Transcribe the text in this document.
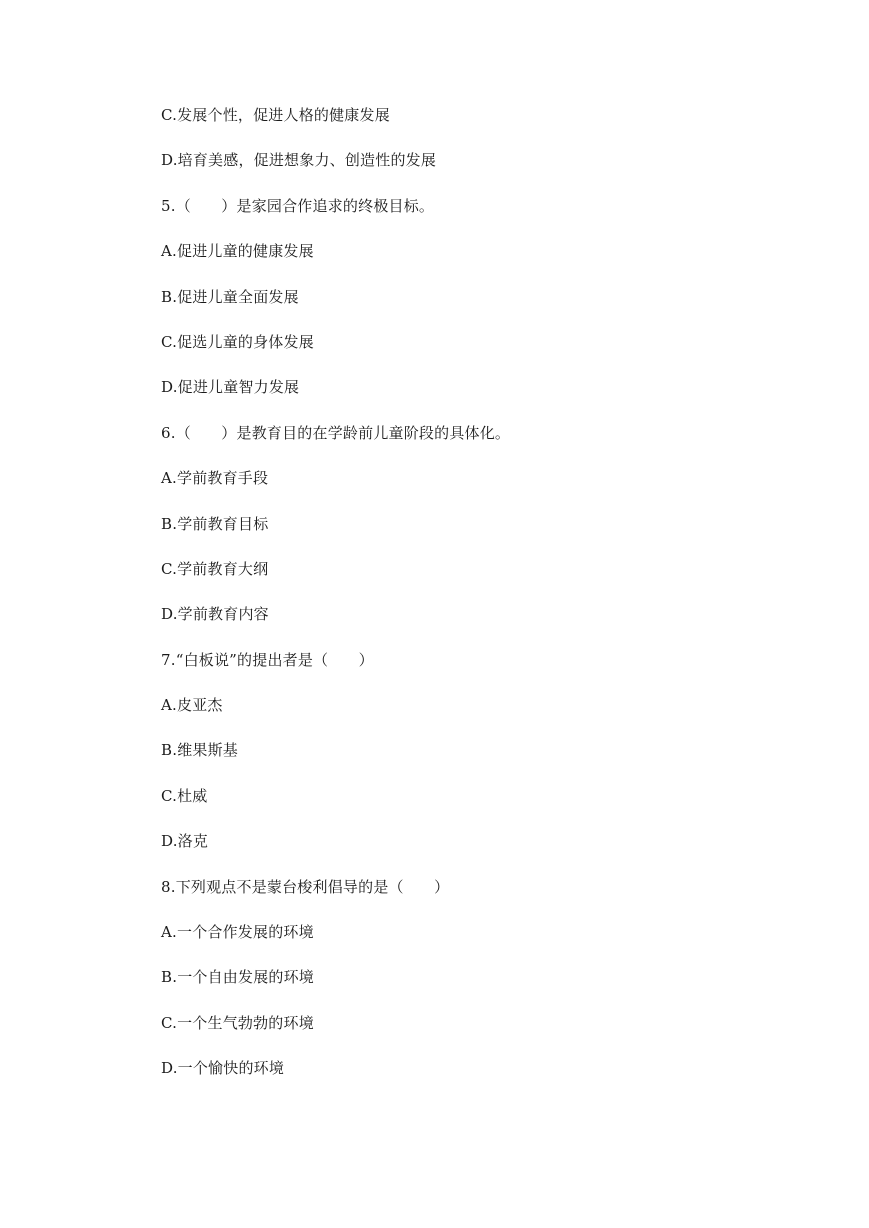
C.发展个性，促进人格的健康发展
D.培育美感，促进想象力、创造性的发展
5.（　　）是家园合作追求的终极目标。
A.促进儿童的健康发展
B.促进儿童全面发展
C.促选儿童的身体发展
D.促进儿童智力发展
6.（　　）是教育目的在学龄前儿童阶段的具体化。
A.学前教育手段
B.学前教育目标
C.学前教育大纲
D.学前教育内容
7.“白板说”的提出者是（　　）
A.皮亚杰
B.维果斯基
C.杜威
D.洛克
8.下列观点不是蒙台梭利倡导的是（　　）
A.一个合作发展的环境
B.一个自由发展的环境
C.一个生气勃勃的环境
D.一个愉快的环境
